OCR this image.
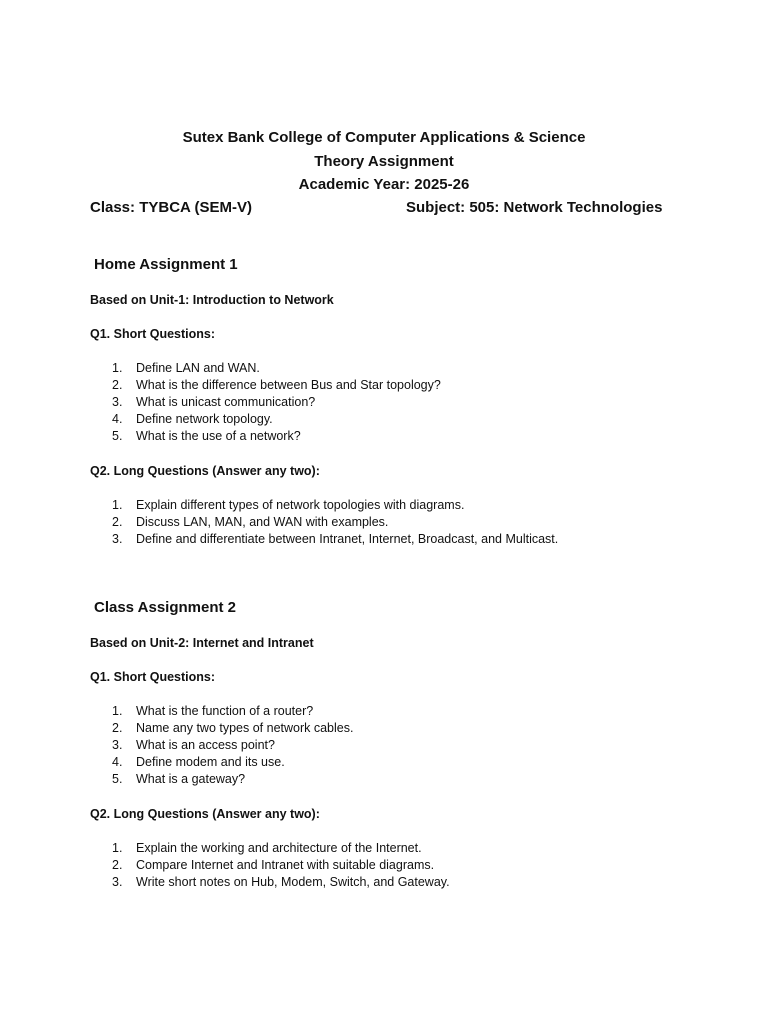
Sutex Bank College of Computer Applications & Science
Theory Assignment
Academic Year: 2025-26
Class: TYBCA (SEM-V)	Subject: 505: Network Technologies
Home Assignment 1
Based on Unit-1: Introduction to Network
Q1. Short Questions:
1. Define LAN and WAN.
2. What is the difference between Bus and Star topology?
3. What is unicast communication?
4. Define network topology.
5. What is the use of a network?
Q2. Long Questions (Answer any two):
1. Explain different types of network topologies with diagrams.
2. Discuss LAN, MAN, and WAN with examples.
3. Define and differentiate between Intranet, Internet, Broadcast, and Multicast.
Class Assignment 2
Based on Unit-2: Internet and Intranet
Q1. Short Questions:
1. What is the function of a router?
2. Name any two types of network cables.
3. What is an access point?
4. Define modem and its use.
5. What is a gateway?
Q2. Long Questions (Answer any two):
1. Explain the working and architecture of the Internet.
2. Compare Internet and Intranet with suitable diagrams.
3. Write short notes on Hub, Modem, Switch, and Gateway.
